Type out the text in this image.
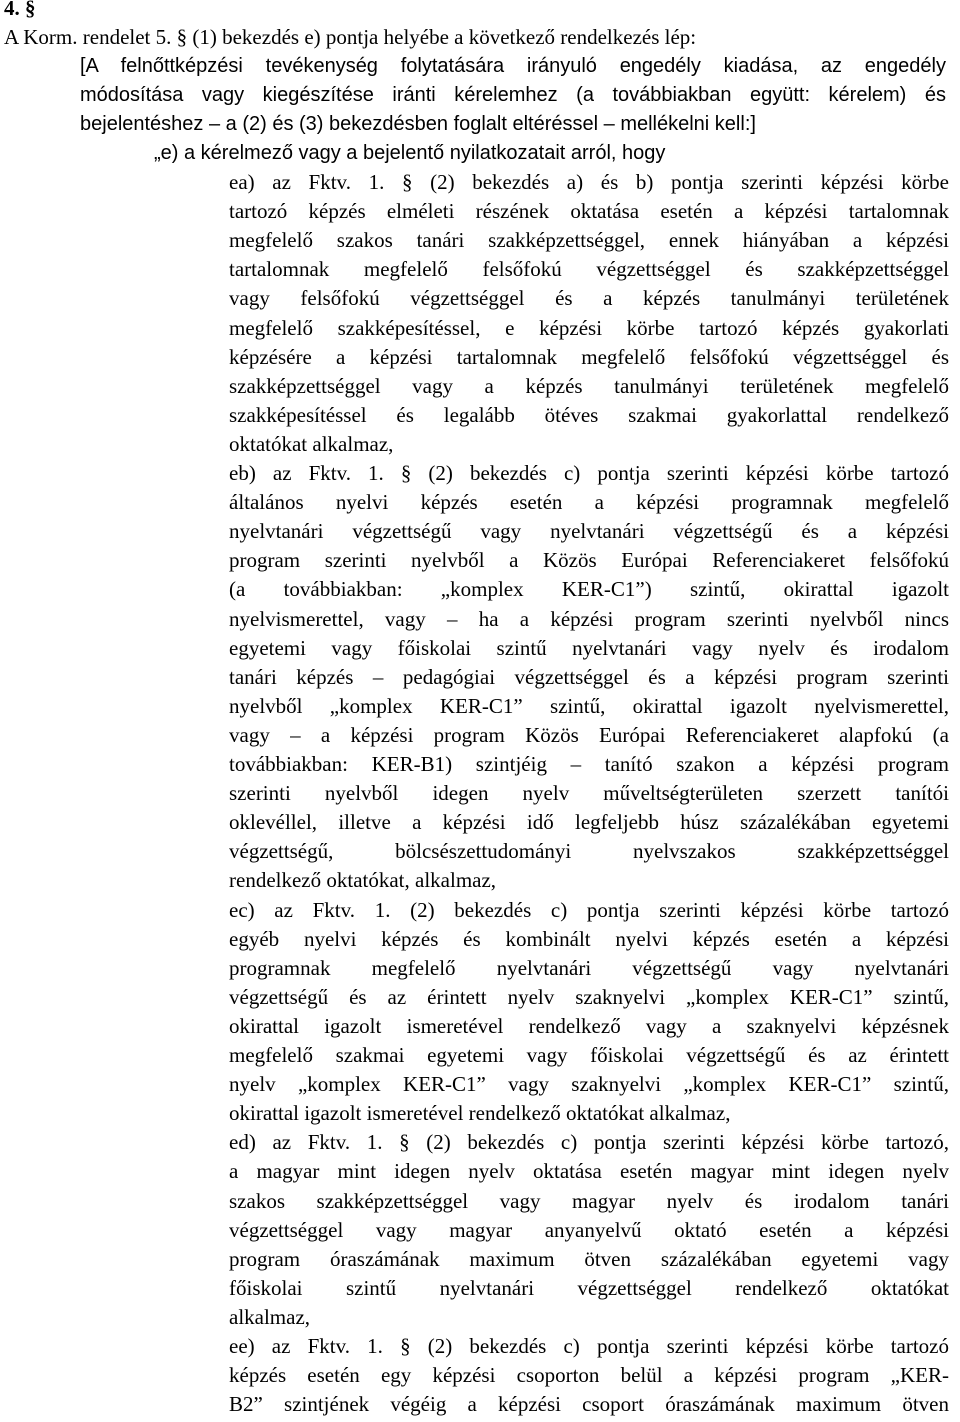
4. §
A Korm. rendelet 5. § (1) bekezdés e) pontja helyébe a következő rendelkezés lép:
[A felnőttképzési tevékenység folytatására irányuló engedély kiadása, az engedély
módosítása vagy kiegészítése iránti kérelemhez (a továbbiakban együtt: kérelem) és
bejelentéshez – a (2) és (3) bekezdésben foglalt eltéréssel – mellékelni kell:]
„e) a kérelmező vagy a bejelentő nyilatkozatait arról, hogy
ea) az Fktv. 1. § (2) bekezdés a) és b) pontja szerinti képzési körbe
tartozó képzés elméleti részének oktatása esetén a képzési tartalomnak
megfelelő szakos tanári szakképzettséggel, ennek hiányában a képzési
tartalomnak megfelelő felsőfokú végzettséggel és szakképzettséggel
vagy felsőfokú végzettséggel és a képzés tanulmányi területének
megfelelő szakképesítéssel, e képzési körbe tartozó képzés gyakorlati
képzésére a képzési tartalomnak megfelelő felsőfokú végzettséggel és
szakképzettséggel vagy a képzés tanulmányi területének megfelelő
szakképesítéssel és legalább ötéves szakmai gyakorlattal rendelkező
oktatókat alkalmaz,
eb) az Fktv. 1. § (2) bekezdés c) pontja szerinti képzési körbe tartozó
általános nyelvi képzés esetén a képzési programnak megfelelő
nyelvtanári végzettségű vagy nyelvtanári végzettségű és a képzési
program szerinti nyelvből a Közös Európai Referenciakeret felsőfokú
(a továbbiakban: „komplex KER-C1”) szintű, okirattal igazolt
nyelvismerettel, vagy – ha a képzési program szerinti nyelvből nincs
egyetemi vagy főiskolai szintű nyelvtanári vagy nyelv és irodalom
tanári képzés – pedagógiai végzettséggel és a képzési program szerinti
nyelvből „komplex KER-C1” szintű, okirattal igazolt nyelvismerettel,
vagy – a képzési program Közös Európai Referenciakeret alapfokú (a
továbbiakban: KER-B1) szintjéig – tanító szakon a képzési program
szerinti nyelvből idegen nyelv műveltségterületen szerzett tanítói
oklevéllel, illetve a képzési idő legfeljebb húsz százalékában egyetemi
végzettségű, bölcsészettudományi nyelvszakos szakképzettséggel
rendelkező oktatókat, alkalmaz,
ec) az Fktv. 1. (2) bekezdés c) pontja szerinti képzési körbe tartozó
egyéb nyelvi képzés és kombinált nyelvi képzés esetén a képzési
programnak megfelelő nyelvtanári végzettségű vagy nyelvtanári
végzettségű és az érintett nyelv szaknyelvi „komplex KER-C1” szintű,
okirattal igazolt ismeretével rendelkező vagy a szaknyelvi képzésnek
megfelelő szakmai egyetemi vagy főiskolai végzettségű és az érintett
nyelv „komplex KER-C1” vagy szaknyelvi „komplex KER-C1” szintű,
okirattal igazolt ismeretével rendelkező oktatókat alkalmaz,
ed) az Fktv. 1. § (2) bekezdés c) pontja szerinti képzési körbe tartozó,
a magyar mint idegen nyelv oktatása esetén magyar mint idegen nyelv
szakos szakképzettséggel vagy magyar nyelv és irodalom tanári
végzettséggel vagy magyar anyanyelvű oktató esetén a képzési
program óraszámának maximum ötven százalékában egyetemi vagy
főiskolai szintű nyelvtanári végzettséggel rendelkező oktatókat
alkalmaz,
ee) az Fktv. 1. § (2) bekezdés c) pontja szerinti képzési körbe tartozó
képzés esetén egy képzési csoporton belül a képzési program „KER-
B2” szintjének végéig a képzési csoport óraszámának maximum ötven
